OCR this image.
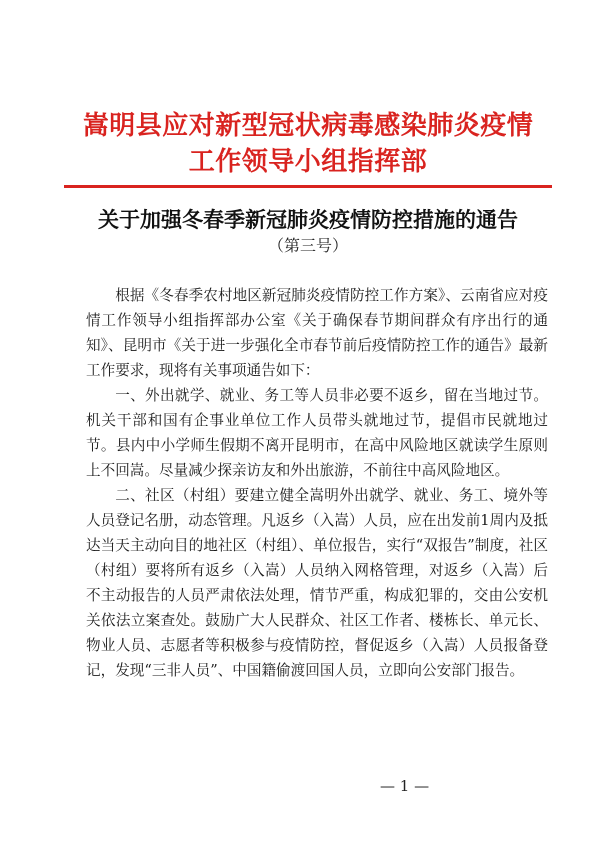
嵩明县应对新型冠状病毒感染肺炎疫情
工作领导小组指挥部
关于加强冬春季新冠肺炎疫情防控措施的通告
（第三号）

根据《冬春季农村地区新冠肺炎疫情防控工作方案》、云南省应对疫情工作领导小组指挥部办公室《关于确保春节期间群众有序出行的通知》、昆明市《关于进一步强化全市春节前后疫情防控工作的通告》最新工作要求，现将有关事项通告如下：

一、外出就学、就业、务工等人员非必要不返乡，留在当地过节。机关干部和国有企事业单位工作人员带头就地过节，提倡市民就地过节。县内中小学师生假期不离开昆明市，在高中风险地区就读学生原则上不回嵩。尽量减少探亲访友和外出旅游，不前往中高风险地区。

二、社区（村组）要建立健全嵩明外出就学、就业、务工、境外等人员登记名册，动态管理。凡返乡（入嵩）人员，应在出发前1周内及抵达当天主动向目的地社区（村组）、单位报告，实行“双报告”制度，社区（村组）要将所有返乡（入嵩）人员纳入网格管理，对返乡（入嵩）后不主动报告的人员严肃依法处理，情节严重，构成犯罪的，交由公安机关依法立案查处。鼓励广大人民群众、社区工作者、楼栋长、单元长、物业人员、志愿者等积极参与疫情防控，督促返乡（入嵩）人员报备登记，发现“三非人员”、中国籍偷渡回国人员，立即向公安部门报告。

— 1 —
